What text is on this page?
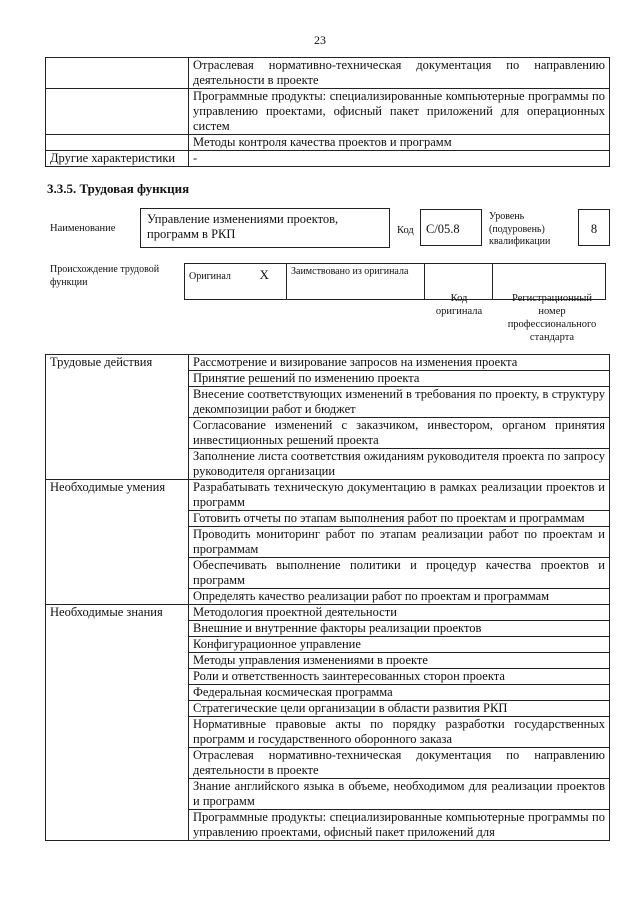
23
	Отраслевая нормативно-техническая документация по направлению деятельности в проекте
	Программные продукты: специализированные компьютерные программы по управлению проектами, офисный пакет приложений для операционных систем
	Методы контроля качества проектов и программ
Другие характеристики	-
3.3.5. Трудовая функция
Наименование
Управление изменениями проектов, программ в РКП	Код С/05.8
Уровень (подуровень) квалификации
8
Происхождение трудовой функции	Оригинал	X	Заимствовано из оригинала		
Код оригинала
Регистрационный номер профессионального стандарта
Трудовые действия	Рассмотрение и визирование запросов на изменения проекта
	Принятие решений по изменению проекта
	Внесение соответствующих изменений в требования по проекту, в структуру декомпозиции работ и бюджет
	Согласование изменений с заказчиком, инвестором, органом принятия инвестиционных решений проекта
	Заполнение листа соответствия ожиданиям руководителя проекта по запросу руководителя организации
Необходимые умения	Разрабатывать техническую документацию в рамках реализации проектов и программ
	Готовить отчеты по этапам выполнения работ по проектам и программам
	Проводить мониторинг работ по этапам реализации работ по проектам и программам
	Обеспечивать выполнение политики и процедур качества проектов и программ
	Определять качество реализации работ по проектам и программам
Необходимые знания	Методология проектной деятельности
	Внешние и внутренние факторы реализации проектов
	Конфигурационное управление
	Методы управления изменениями в проекте
	Роли и ответственность заинтересованных сторон проекта
	Федеральная космическая программа
	Стратегические цели организации в области развития РКП
	Нормативные правовые акты по порядку разработки государственных программ и государственного оборонного заказа
	Отраслевая нормативно-техническая документация по направлению деятельности в проекте
	Знание английского языка в объеме, необходимом для реализации проектов и программ
	Программные продукты: специализированные компьютерные программы по управлению проектами, офисный пакет приложений для
